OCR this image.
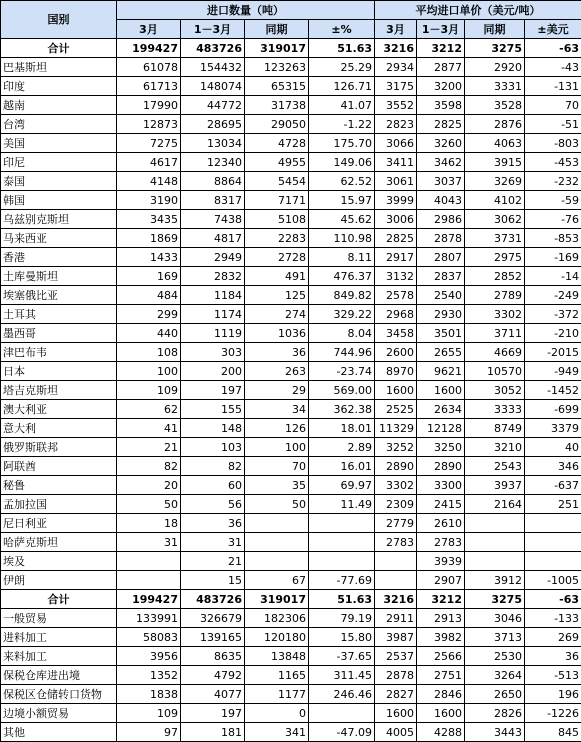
国别	进口数量（吨）				平均进口单价（美元/吨）			
	3月	1－3月	同期	±%	3月	1－3月	同期	±美元
合计	199427	483726	319017	51.63	3216	3212	3275	-63
巴基斯坦	61078	154432	123263	25.29	2934	2877	2920	-43
印度	61713	148074	65315	126.71	3175	3200	3331	-131
越南	17990	44772	31738	41.07	3552	3598	3528	70
台湾	12873	28695	29050	-1.22	2823	2825	2876	-51
美国	7275	13034	4728	175.70	3066	3260	4063	-803
印尼	4617	12340	4955	149.06	3411	3462	3915	-453
泰国	4148	8864	5454	62.52	3061	3037	3269	-232
韩国	3190	8317	7171	15.97	3999	4043	4102	-59
乌兹别克斯坦	3435	7438	5108	45.62	3006	2986	3062	-76
马来西亚	1869	4817	2283	110.98	2825	2878	3731	-853
香港	1433	2949	2728	8.11	2917	2807	2975	-169
土库曼斯坦	169	2832	491	476.37	3132	2837	2852	-14
埃塞俄比亚	484	1184	125	849.82	2578	2540	2789	-249
土耳其	299	1174	274	329.22	2968	2930	3302	-372
墨西哥	440	1119	1036	8.04	3458	3501	3711	-210
津巴布韦	108	303	36	744.96	2600	2655	4669	-2015
日本	100	200	263	-23.74	8970	9621	10570	-949
塔吉克斯坦	109	197	29	569.00	1600	1600	3052	-1452
澳大利亚	62	155	34	362.38	2525	2634	3333	-699
意大利	41	148	126	18.01	11329	12128	8749	3379
俄罗斯联邦	21	103	100	2.89	3252	3250	3210	40
阿联酋	82	82	70	16.01	2890	2890	2543	346
秘鲁	20	60	35	69.97	3302	3300	3937	-637
孟加拉国	50	56	50	11.49	2309	2415	2164	251
尼日利亚	18	36			2779	2610		
哈萨克斯坦	31	31			2783	2783		
埃及		21				3939		
伊朗		15	67	-77.69		2907	3912	-1005
合计	199427	483726	319017	51.63	3216	3212	3275	-63
一般贸易	133991	326679	182306	79.19	2911	2913	3046	-133
进料加工	58083	139165	120180	15.80	3987	3982	3713	269
来料加工	3956	8635	13848	-37.65	2537	2566	2530	36
保税仓库进出境	1352	4792	1165	311.45	2878	2751	3264	-513
保税区仓储转口货物	1838	4077	1177	246.46	2827	2846	2650	196
边境小额贸易	109	197	0		1600	1600	2826	-1226
其他	97	181	341	-47.09	4005	4288	3443	845
